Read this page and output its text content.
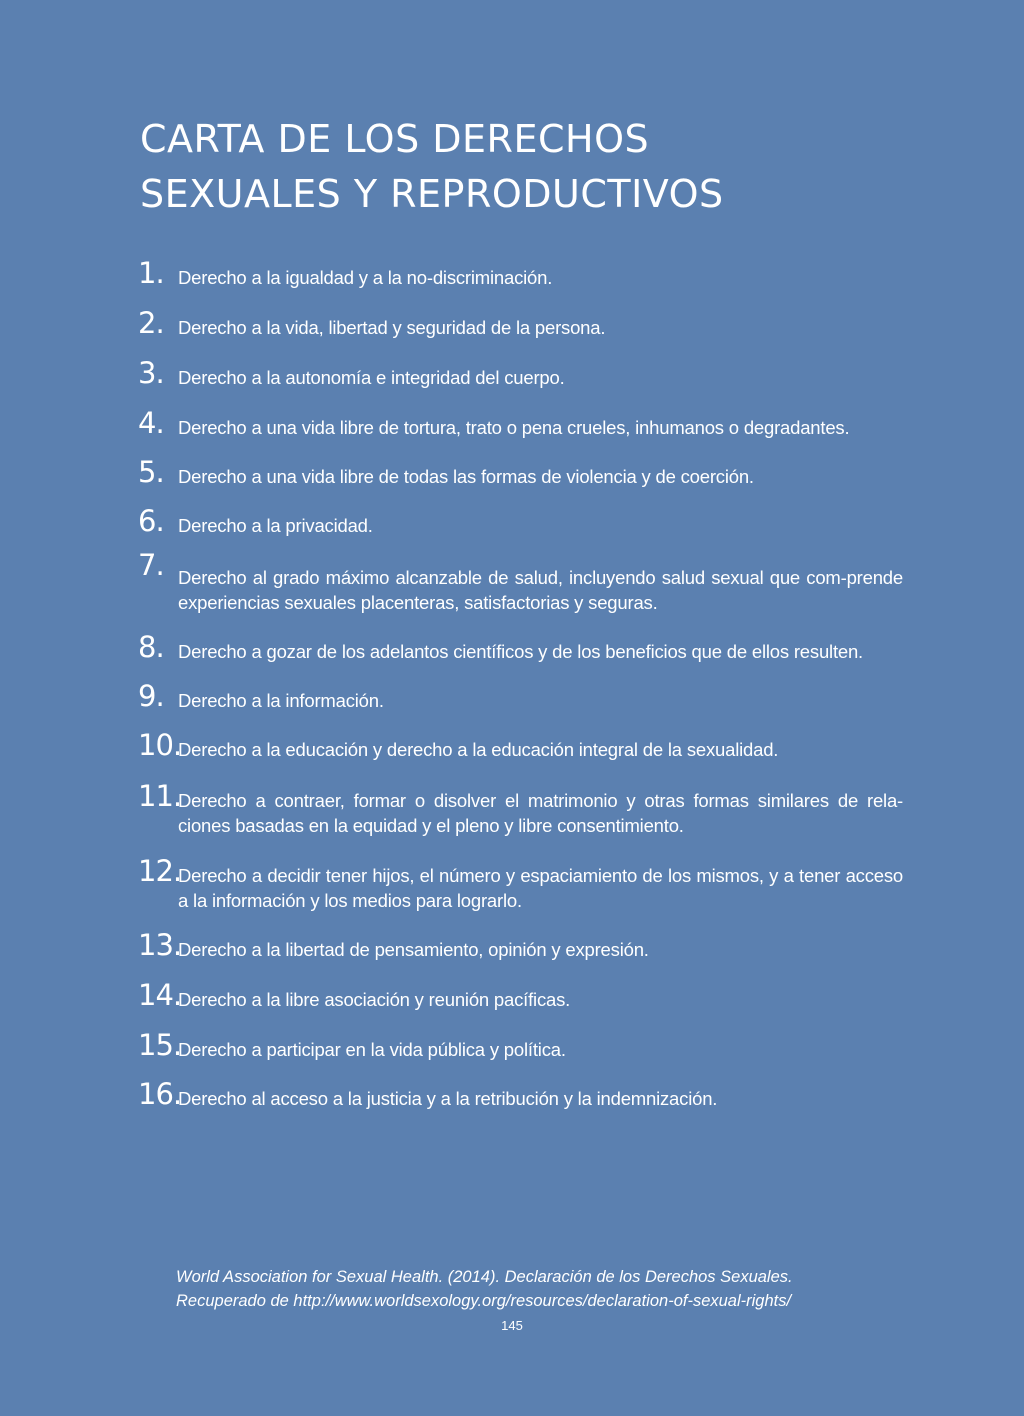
CARTA DE LOS DERECHOS
SEXUALES Y REPRODUCTIVOS
1. Derecho a la igualdad y a la no-discriminación.
2. Derecho a la vida, libertad y seguridad de la persona.
3. Derecho a la autonomía e integridad del cuerpo.
4. Derecho a una vida libre de tortura, trato o pena crueles, inhumanos o degradantes.
5. Derecho a una vida libre de todas las formas de violencia y de coerción.
6. Derecho a la privacidad.
7. Derecho al grado máximo alcanzable de salud, incluyendo salud sexual que com-prende experiencias sexuales placenteras, satisfactorias y seguras.
8. Derecho a gozar de los adelantos científicos y de los beneficios que de ellos resulten.
9. Derecho a la información.
10.
Derecho a la educación y derecho a la educación integral de la sexualidad.
11.
Derecho a contraer, formar o disolver el matrimonio y otras formas similares de rela-ciones basadas en la equidad y el pleno y libre consentimiento.
12.
Derecho a decidir tener hijos, el número y espaciamiento de los mismos, y a tener acceso a la información y los medios para lograrlo.
13.
Derecho a la libertad de pensamiento, opinión y expresión.
14.
Derecho a la libre asociación y reunión pacíficas.
15.
Derecho a participar en la vida pública y política.
16.
Derecho al acceso a la justicia y a la retribución y la indemnización.
World Association for Sexual Health. (2014). Declaración de los Derechos Sexuales.
Recuperado de http://www.worldsexology.org/resources/declaration-of-sexual-rights/
145
